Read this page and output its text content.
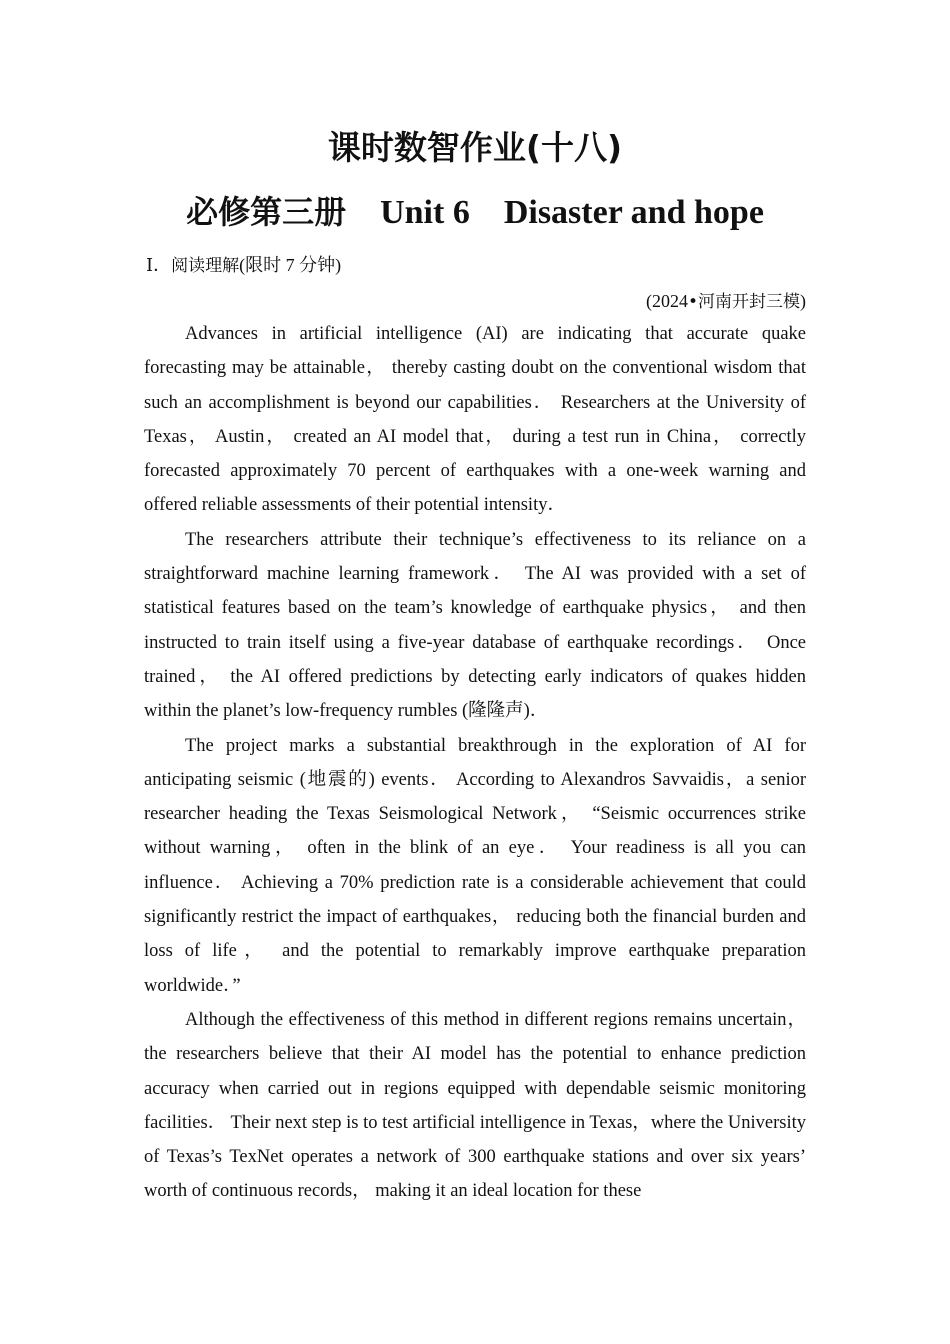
课时数智作业(十八)
必修第三册　 Unit 6　Disaster and hope
Ⅰ．阅读理解(限时 7 分钟)
(2024•河南开封三模)

Advances in artificial intelligence (AI) are indicating that accurate quake forecasting may be attainable， thereby casting doubt on the conventional wisdom that such an accomplishment is beyond our capabilities． Researchers at the University of Texas， Austin， created an AI model that， during a test run in China， correctly forecasted approximately 70 percent of earthquakes with a one-week warning and offered reliable assessments of their potential intensity．

The researchers attribute their technique’s effectiveness to its reliance on a straightforward machine learning framework． The AI was provided with a set of statistical features based on the team’s knowledge of earthquake physics， and then instructed to train itself using a five-year database of earthquake recordings． Once trained， the AI offered predictions by detecting early indicators of quakes hidden within the planet’s low-frequency rumbles (隆隆声)．

The project marks a substantial breakthrough in the exploration of AI for anticipating seismic (地震的) events． According to Alexandros Savvaidis，a senior researcher heading the Texas Seismological Network， “Seismic occurrences strike without warning， often in the blink of an eye． Your readiness is all you can influence． Achieving a 70% prediction rate is a considerable achievement that could significantly restrict the impact of earthquakes， reducing both the financial burden and loss of life， and the potential to remarkably improve earthquake preparation worldwide．”

Although the effectiveness of this method in different regions remains uncertain， the researchers believe that their AI model has the potential to enhance prediction accuracy when carried out in regions equipped with dependable seismic monitoring facilities． Their next step is to test artificial intelligence in Texas，where the University of Texas’s TexNet operates a network of 300 earthquake stations and over six years’ worth of continuous records， making it an ideal location for these
